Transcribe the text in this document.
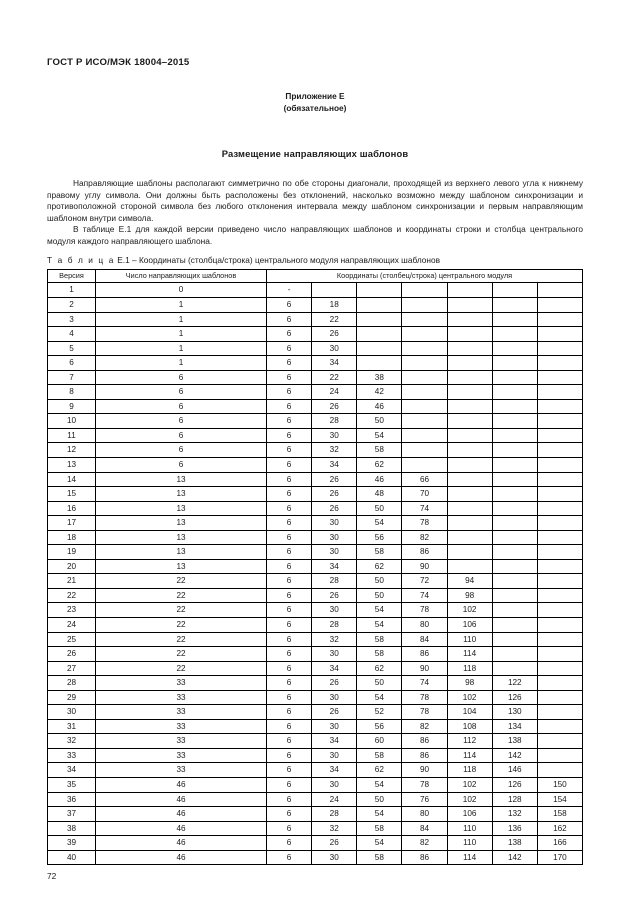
ГОСТ Р ИСО/МЭК 18004–2015
Приложение Е
(обязательное)
Размещение направляющих шаблонов

Направляющие шаблоны располагают симметрично по обе стороны диагонали, проходящей из верхнего левого угла к нижнему правому углу символа. Они должны быть расположены без отклонений, насколько возможно между шаблоном синхронизации и противоположной стороной символа без любого отклонения интервала между шаблоном синхронизации и первым направляющим шаблоном внутри символа.

В таблице Е.1 для каждой версии приведено число направляющих шаблонов и координаты строки и столбца центрального модуля каждого направляющего шаблона.

Т а б л и ц а Е.1 – Координаты (столбца/строка) центрального модуля направляющих шаблонов
Версия	Число направляющих шаблонов	Координаты (столбец/строка) центрального модуля						
1	0	-						
2	1	6	18					
3	1	6	22					
4	1	6	26					
5	1	6	30					
6	1	6	34					
7	6	6	22	38				
8	6	6	24	42				
9	6	6	26	46				
10	6	6	28	50				
11	6	6	30	54				
12	6	6	32	58				
13	6	6	34	62				
14	13	6	26	46	66			
15	13	6	26	48	70			
16	13	6	26	50	74			
17	13	6	30	54	78			
18	13	6	30	56	82			
19	13	6	30	58	86			
20	13	6	34	62	90			
21	22	6	28	50	72	94		
22	22	6	26	50	74	98		
23	22	6	30	54	78	102		
24	22	6	28	54	80	106		
25	22	6	32	58	84	110		
26	22	6	30	58	86	114		
27	22	6	34	62	90	118		
28	33	6	26	50	74	98	122	
29	33	6	30	54	78	102	126	
30	33	6	26	52	78	104	130	
31	33	6	30	56	82	108	134	
32	33	6	34	60	86	112	138	
33	33	6	30	58	86	114	142	
34	33	6	34	62	90	118	146	
35	46	6	30	54	78	102	126	150
36	46	6	24	50	76	102	128	154
37	46	6	28	54	80	106	132	158
38	46	6	32	58	84	110	136	162
39	46	6	26	54	82	110	138	166
40	46	6	30	58	86	114	142	170
72
